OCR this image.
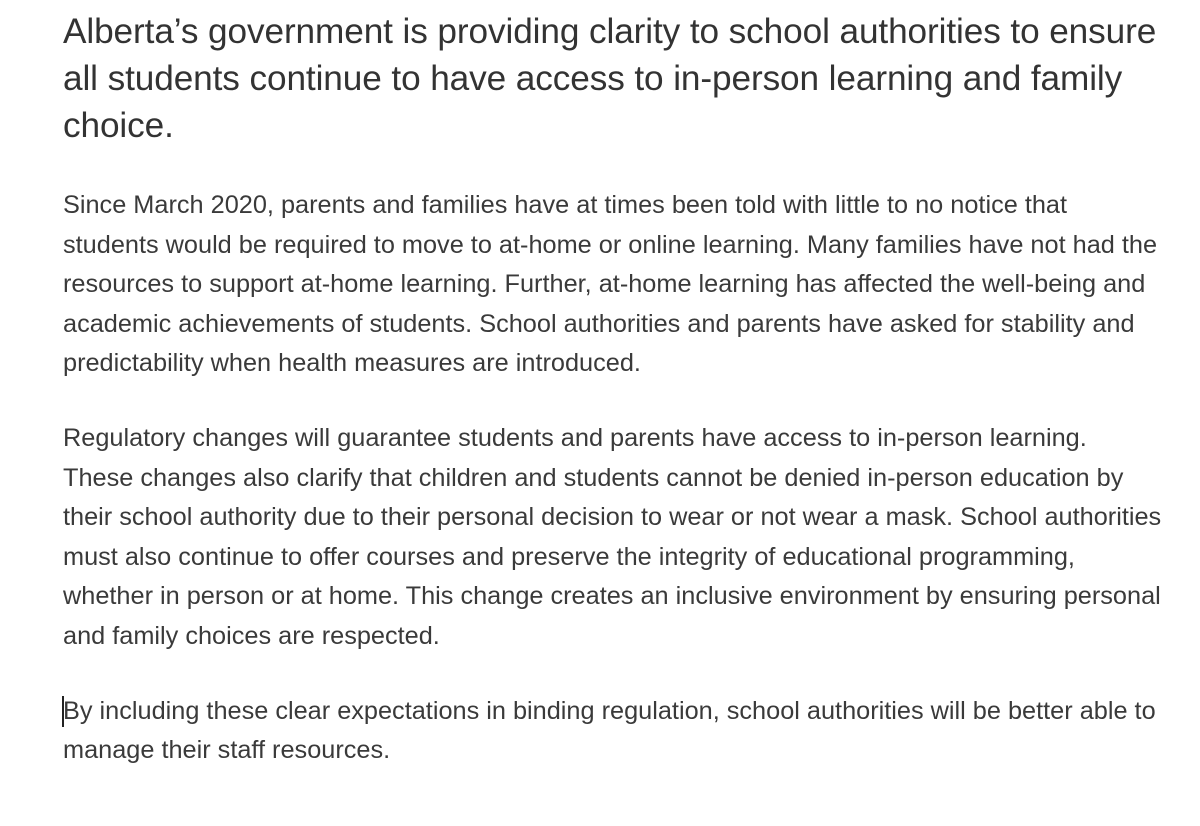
Alberta’s government is providing clarity to school authorities to ensure all students continue to have access to in-person learning and family choice.

Since March 2020, parents and families have at times been told with little to no notice that students would be required to move to at-home or online learning. Many families have not had the resources to support at-home learning. Further, at-home learning has affected the well-being and academic achievements of students. School authorities and parents have asked for stability and predictability when health measures are introduced.

Regulatory changes will guarantee students and parents have access to in-person learning. These changes also clarify that children and students cannot be denied in-person education by their school authority due to their personal decision to wear or not wear a mask. School authorities must also continue to offer courses and preserve the integrity of educational programming, whether in person or at home. This change creates an inclusive environment by ensuring personal and family choices are respected.

By including these clear expectations in binding regulation, school authorities will be better able to manage their staff resources.
